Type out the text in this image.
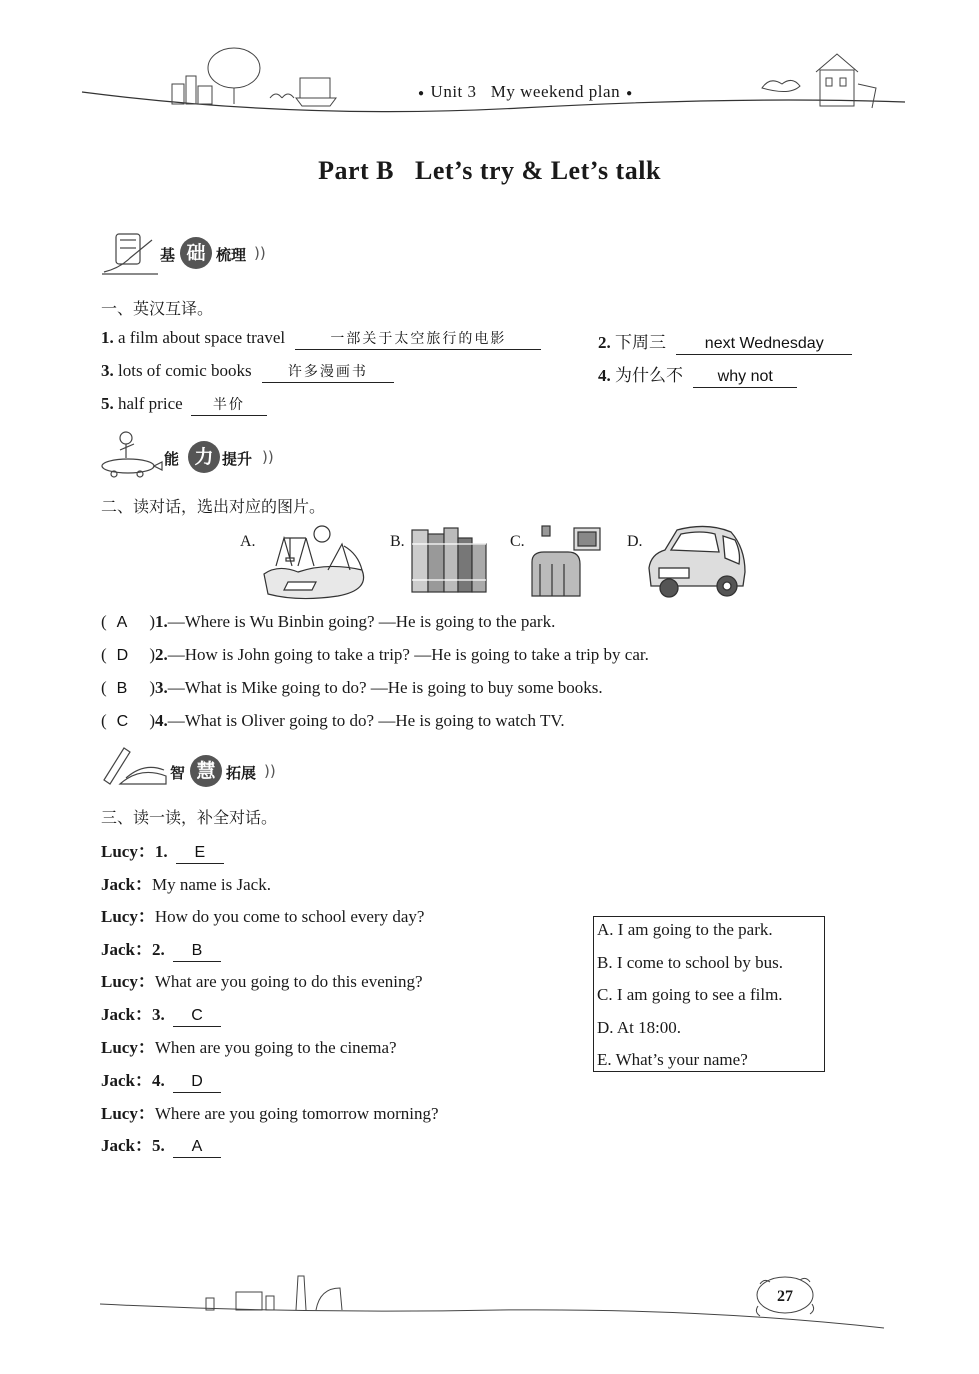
● Unit 3 My weekend plan ●
Part B   Let’s try & Let’s talk
基 础 梳理 ))
一、英汉互译。
1. a film about space travel	一部关于太空旅行的电影	2. 下周三 next Wednesday
3. lots of comic books	许多漫画书	4. 为什么不 why not
5. half price 半价
能 力 提升 ))
二、读对话，选出对应的图片。
A.	B.	C.	D.
( A ) 1.—Where is Wu Binbin going? —He is going to the park.
( D ) 2.—How is John going to take a trip? —He is going to take a trip by car.
( B ) 3.—What is Mike going to do? —He is going to buy some books.
( C ) 4.—What is Oliver going to do? —He is going to watch TV.
智 慧 拓展 ))
三、读一读，补全对话。
Lucy：1. E
Jack：My name is Jack.
Lucy：How do you come to school every day?
Jack：2. B
Lucy：What are you going to do this evening?
Jack：3. C
Lucy：When are you going to the cinema?
Jack：4. D
Lucy：Where are you going tomorrow morning?
Jack：5. A
A. I am going to the park.
B. I come to school by bus.
C. I am going to see a film.
D. At 18:00.
E. What’s your name?
27
